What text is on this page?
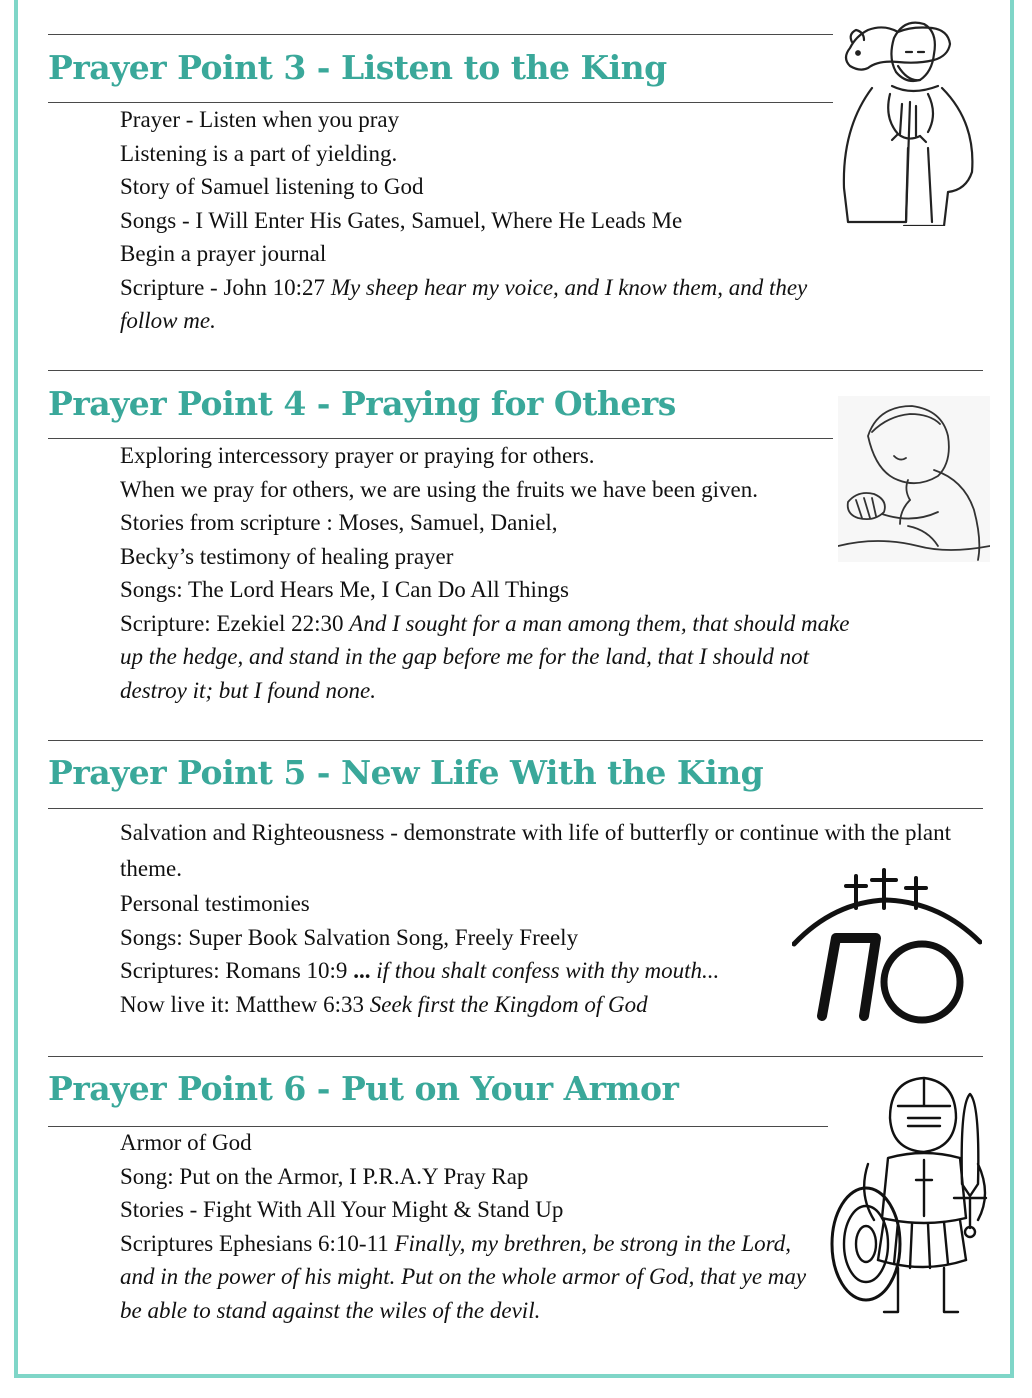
Prayer Point 3 - Listen to the King
Prayer - Listen when you pray
Listening is a part of yielding.
Story of Samuel listening to God
Songs - I Will Enter His Gates, Samuel, Where He Leads Me
Begin a prayer journal
Scripture - John 10:27 My sheep hear my voice, and I know them, and they follow me.
Prayer Point 4 - Praying for Others
Exploring intercessory prayer or praying for others.
When we pray for others, we are using the fruits we have been given.
Stories from scripture : Moses, Samuel, Daniel,
Becky’s testimony of healing prayer
Songs: The Lord Hears Me, I Can Do All Things
Scripture: Ezekiel 22:30 And I sought for a man among them, that should make up the hedge, and stand in the gap before me for the land, that I should not destroy it; but I found none.
Prayer Point 5 - New Life With the King
Salvation and Righteousness - demonstrate with life of butterfly or continue with the plant theme.
Personal testimonies
Songs: Super Book Salvation Song, Freely Freely
Scriptures: Romans 10:9 ... if thou shalt confess with thy mouth...
Now live it: Matthew 6:33 Seek first the Kingdom of God
Prayer Point 6 - Put on Your Armor
Armor of God
Song: Put on the Armor, I P.R.A.Y Pray Rap
Stories - Fight With All Your Might & Stand Up
Scriptures Ephesians 6:10-11 Finally, my brethren, be strong in the Lord, and in the power of his might. Put on the whole armor of God, that ye may be able to stand against the wiles of the devil.
